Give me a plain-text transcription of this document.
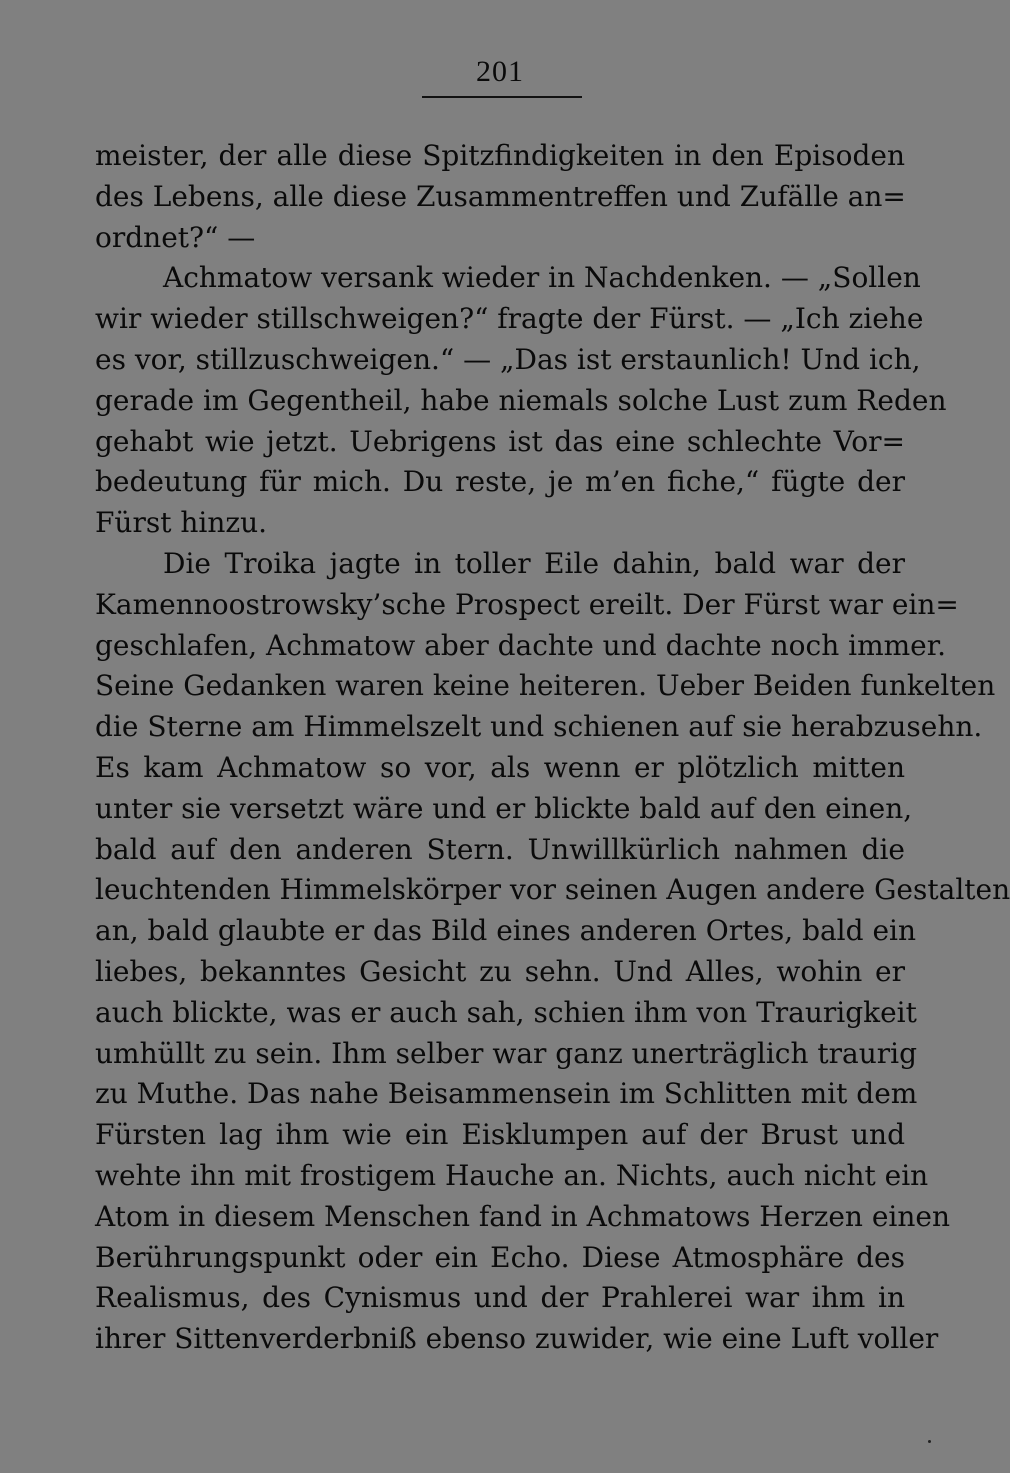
201
meister, der alle diese Spitzfindigkeiten in den Episoden
des Lebens, alle diese Zusammentreffen und Zufälle an=
ordnet?“ —
Achmatow versank wieder in Nachdenken. — „Sollen
wir wieder stillschweigen?“ fragte der Fürst. — „Ich ziehe
es vor, stillzuschweigen.“ — „Das ist erstaunlich! Und ich,
gerade im Gegentheil, habe niemals solche Lust zum Reden
gehabt wie jetzt. Uebrigens ist das eine schlechte Vor=
bedeutung für mich. Du reste, je m’en fiche,“ fügte der
Fürst hinzu.
Die Troika jagte in toller Eile dahin, bald war der
Kamennoostrowsky’sche Prospect ereilt. Der Fürst war ein=
geschlafen, Achmatow aber dachte und dachte noch immer.
Seine Gedanken waren keine heiteren. Ueber Beiden funkelten
die Sterne am Himmelszelt und schienen auf sie herabzusehn.
Es kam Achmatow so vor, als wenn er plötzlich mitten
unter sie versetzt wäre und er blickte bald auf den einen,
bald auf den anderen Stern. Unwillkürlich nahmen die
leuchtenden Himmelskörper vor seinen Augen andere Gestalten
an, bald glaubte er das Bild eines anderen Ortes, bald ein
liebes, bekanntes Gesicht zu sehn. Und Alles, wohin er
auch blickte, was er auch sah, schien ihm von Traurigkeit
umhüllt zu sein. Ihm selber war ganz unerträglich traurig
zu Muthe. Das nahe Beisammensein im Schlitten mit dem
Fürsten lag ihm wie ein Eisklumpen auf der Brust und
wehte ihn mit frostigem Hauche an. Nichts, auch nicht ein
Atom in diesem Menschen fand in Achmatows Herzen einen
Berührungspunkt oder ein Echo. Diese Atmosphäre des
Realismus, des Cynismus und der Prahlerei war ihm in
ihrer Sittenverderbniß ebenso zuwider, wie eine Luft voller
